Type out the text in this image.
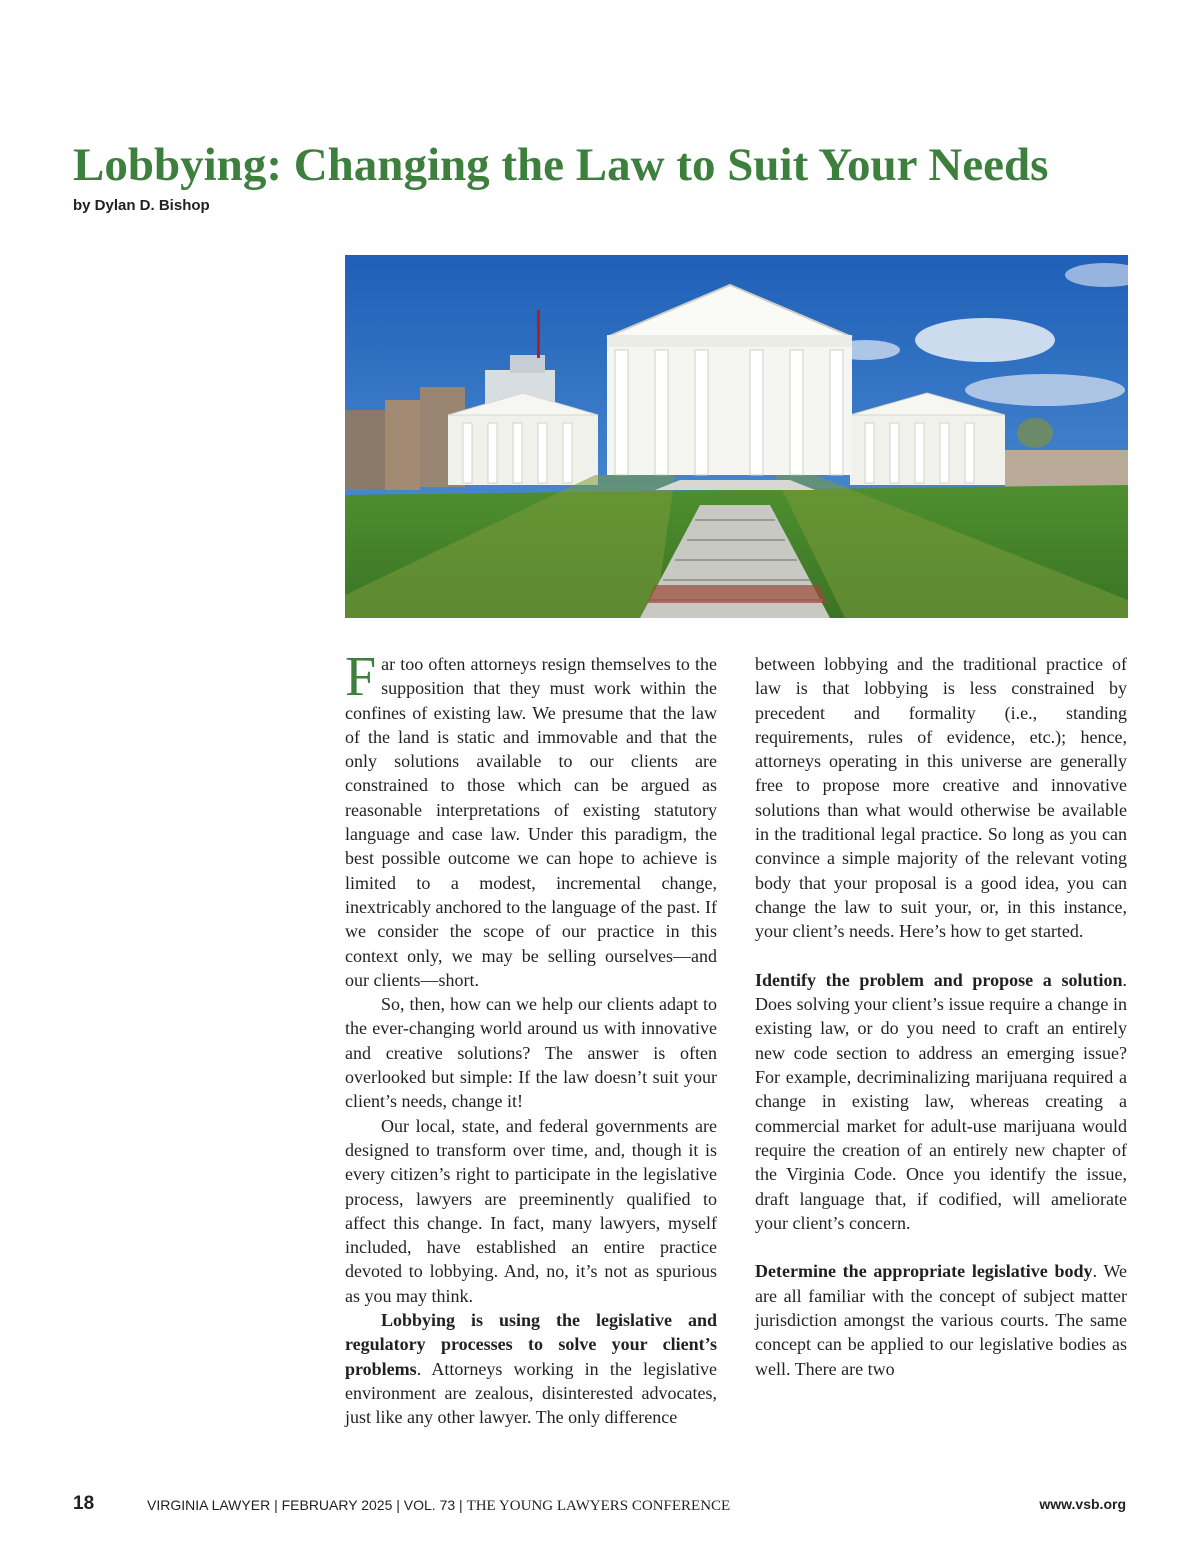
Lobbying: Changing the Law to Suit Your Needs
by Dylan D. Bishop

Far too often attorneys resign themselves to the supposition that they must work within the confines of existing law. We presume that the law of the land is static and immovable and that the only solutions available to our clients are constrained to those which can be argued as reasonable interpretations of existing statutory language and case law. Under this paradigm, the best possible outcome we can hope to achieve is limited to a modest, incremental change, inextricably anchored to the language of the past. If we consider the scope of our practice in this context only, we may be selling ourselves—and our clients—short.

So, then, how can we help our clients adapt to the ever-changing world around us with innovative and creative solutions? The answer is often overlooked but simple: If the law doesn’t suit your client’s needs, change it!

Our local, state, and federal governments are designed to transform over time, and, though it is every citizen’s right to participate in the legislative process, lawyers are preeminently qualified to affect this change. In fact, many lawyers, myself included, have established an entire practice devoted to lobbying. And, no, it’s not as spurious as you may think.

Lobbying is using the legislative and regulatory processes to solve your client’s problems. Attorneys working in the legislative environment are zealous, disinterested advocates, just like any other lawyer. The only difference

between lobbying and the traditional practice of law is that lobbying is less constrained by precedent and formality (i.e., standing requirements, rules of evidence, etc.); hence, attorneys operating in this universe are generally free to propose more creative and innovative solutions than what would otherwise be available in the traditional legal practice. So long as you can convince a simple majority of the relevant voting body that your proposal is a good idea, you can change the law to suit your, or, in this instance, your client’s needs. Here’s how to get started.

Identify the problem and propose a solution. Does solving your client’s issue require a change in existing law, or do you need to craft an entirely new code section to address an emerging issue? For example, decriminalizing marijuana required a change in existing law, whereas creating a commercial market for adult-use marijuana would require the creation of an entirely new chapter of the Virginia Code. Once you identify the issue, draft language that, if codified, will ameliorate your client’s concern.

Determine the appropriate legislative body. We are all familiar with the concept of subject matter jurisdiction amongst the various courts. The same concept can be applied to our legislative bodies as well. There are two

18	VIRGINIA LAWYER | FEBRUARY 2025 | VOL. 73 | THE YOUNG LAWYERS CONFERENCE	www.vsb.org
